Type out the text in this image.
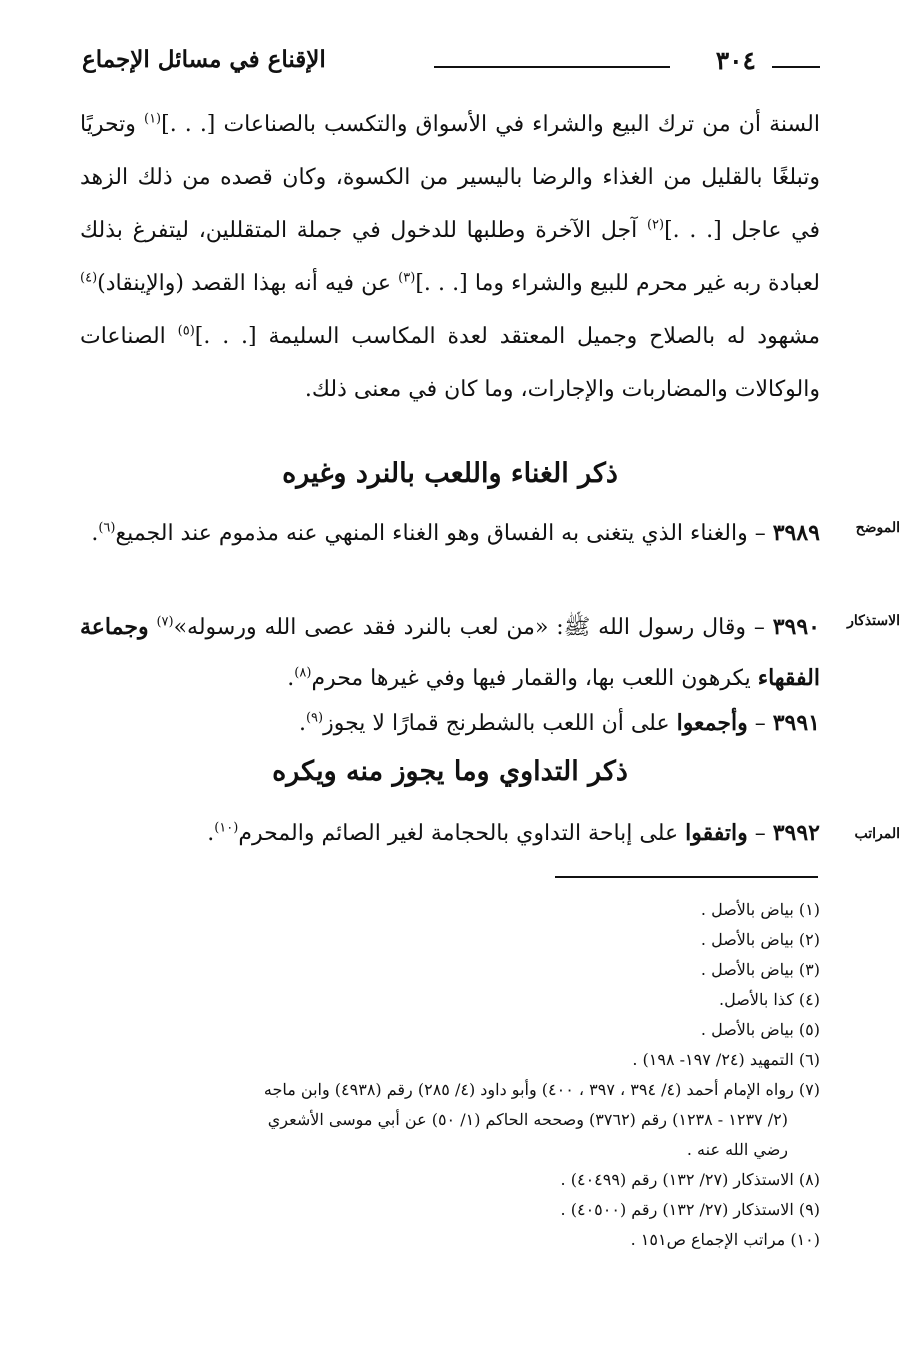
٣٠٤
الإقناع في مسائل الإجماع

السنة أن من ترك البيع والشراء في الأسواق والتكسب بالصناعات [. . .]$^{(١)}$ وتحريًا وتبلغًا بالقليل من الغذاء والرضا باليسير من الكسوة، وكان قصده من ذلك الزهد في عاجل [. . .]$^{(٢)}$ آجل الآخرة وطلبها للدخول في جملة المتقللين، ليتفرغ بذلك لعبادة ربه غير محرم للبيع والشراء وما [. . .]$^{(٣)}$ عن فيه أنه بهذا القصد (والإينقاد)$^{(٤)}$ مشهود له بالصلاح وجميل المعتقد لعدة المكاسب السليمة [. . .]$^{(٥)}$ الصناعات والوكالات والمضاربات والإجارات، وما كان في معنى ذلك.

ذكر الغناء واللعب بالنرد وغيره
الموضح
٣٩٨٩ – والغناء الذي يتغنى به الفساق وهو الغناء المنهي عنه مذموم عند الجميع$^{(٦)}$.
الاستذكار
٣٩٩٠ – وقال رسول الله ﷺ: «من لعب بالنرد فقد عصى الله ورسوله»$^{(٧)}$ وجماعة الفقهاء يكرهون اللعب بها، والقمار فيها وفي غيرها محرم$^{(٨)}$.
٣٩٩١ – وأجمعوا على أن اللعب بالشطرنج قمارًا لا يجوز$^{(٩)}$.
ذكر التداوي وما يجوز منه ويكره
المراتب
٣٩٩٢ – واتفقوا على إباحة التداوي بالحجامة لغير الصائم والمحرم$^{(١٠)}$.

(١) بياض بالأصل .

(٢) بياض بالأصل .

(٣) بياض بالأصل .

(٤) كذا بالأصل.

(٥) بياض بالأصل .

(٦) التمهيد (٢٤/ ١٩٧- ١٩٨) .

(٧) رواه الإمام أحمد (٤/ ٣٩٤ ، ٣٩٧ ، ٤٠٠) وأبو داود (٤/ ٢٨٥) رقم (٤٩٣٨) وابن ماجه

(٢/ ١٢٣٧ - ١٢٣٨) رقم (٣٧٦٢) وصححه الحاكم (١/ ٥٠) عن أبي موسى الأشعري

رضي الله عنه .

(٨) الاستذكار (٢٧/ ١٣٢) رقم (٤٠٤٩٩) .

(٩) الاستذكار (٢٧/ ١٣٢) رقم (٤٠٥٠٠) .

(١٠) مراتب الإجماع ص١٥١ .
